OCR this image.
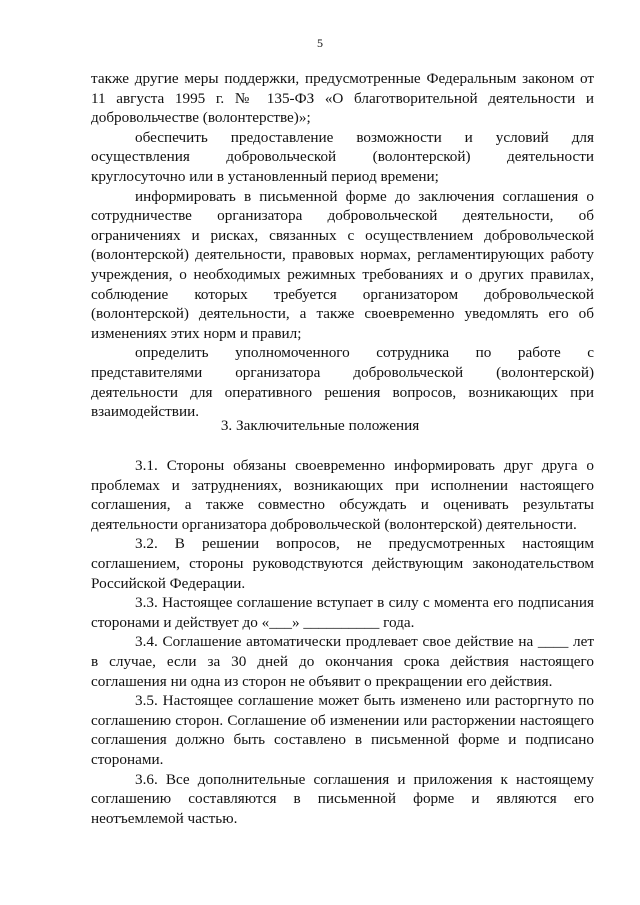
5

также другие меры поддержки, предусмотренные Федеральным законом от 11 августа 1995 г. № 135-ФЗ «О благотворительной деятельности и добровольчестве (волонтерстве)»;

обеспечить предоставление возможности и условий для осуществления добровольческой (волонтерской) деятельности круглосуточно или в установленный период времени;

информировать в письменной форме до заключения соглашения о сотрудничестве организатора добровольческой деятельности, об ограничениях и рисках, связанных с осуществлением добровольческой (волонтерской) деятельности, правовых нормах, регламентирующих работу учреждения, о необходимых режимных требованиях и о других правилах, соблюдение которых требуется организатором добровольческой (волонтерской) деятельности, а также своевременно уведомлять его об изменениях этих норм и правил;

определить уполномоченного сотрудника по работе с представителями организатора добровольческой (волонтерской) деятельности для оперативного решения вопросов, возникающих при взаимодействии.

3. Заключительные положения

3.1. Стороны обязаны своевременно информировать друг друга о проблемах и затруднениях, возникающих при исполнении настоящего соглашения, а также совместно обсуждать и оценивать результаты деятельности организатора добровольческой (волонтерской) деятельности.

3.2. В решении вопросов, не предусмотренных настоящим соглашением, стороны руководствуются действующим законодательством Российской Федерации.

3.3. Настоящее соглашение вступает в силу с момента его подписания сторонами и действует до «___» __________ года.

3.4. Соглашение автоматически продлевает свое действие на ____ лет в случае, если за 30 дней до окончания срока действия настоящего соглашения ни одна из сторон не объявит о прекращении его действия.

3.5. Настоящее соглашение может быть изменено или расторгнуто по соглашению сторон. Соглашение об изменении или расторжении настоящего соглашения должно быть составлено в письменной форме и подписано сторонами.

3.6. Все дополнительные соглашения и приложения к настоящему соглашению составляются в письменной форме и являются его неотъемлемой частью.
